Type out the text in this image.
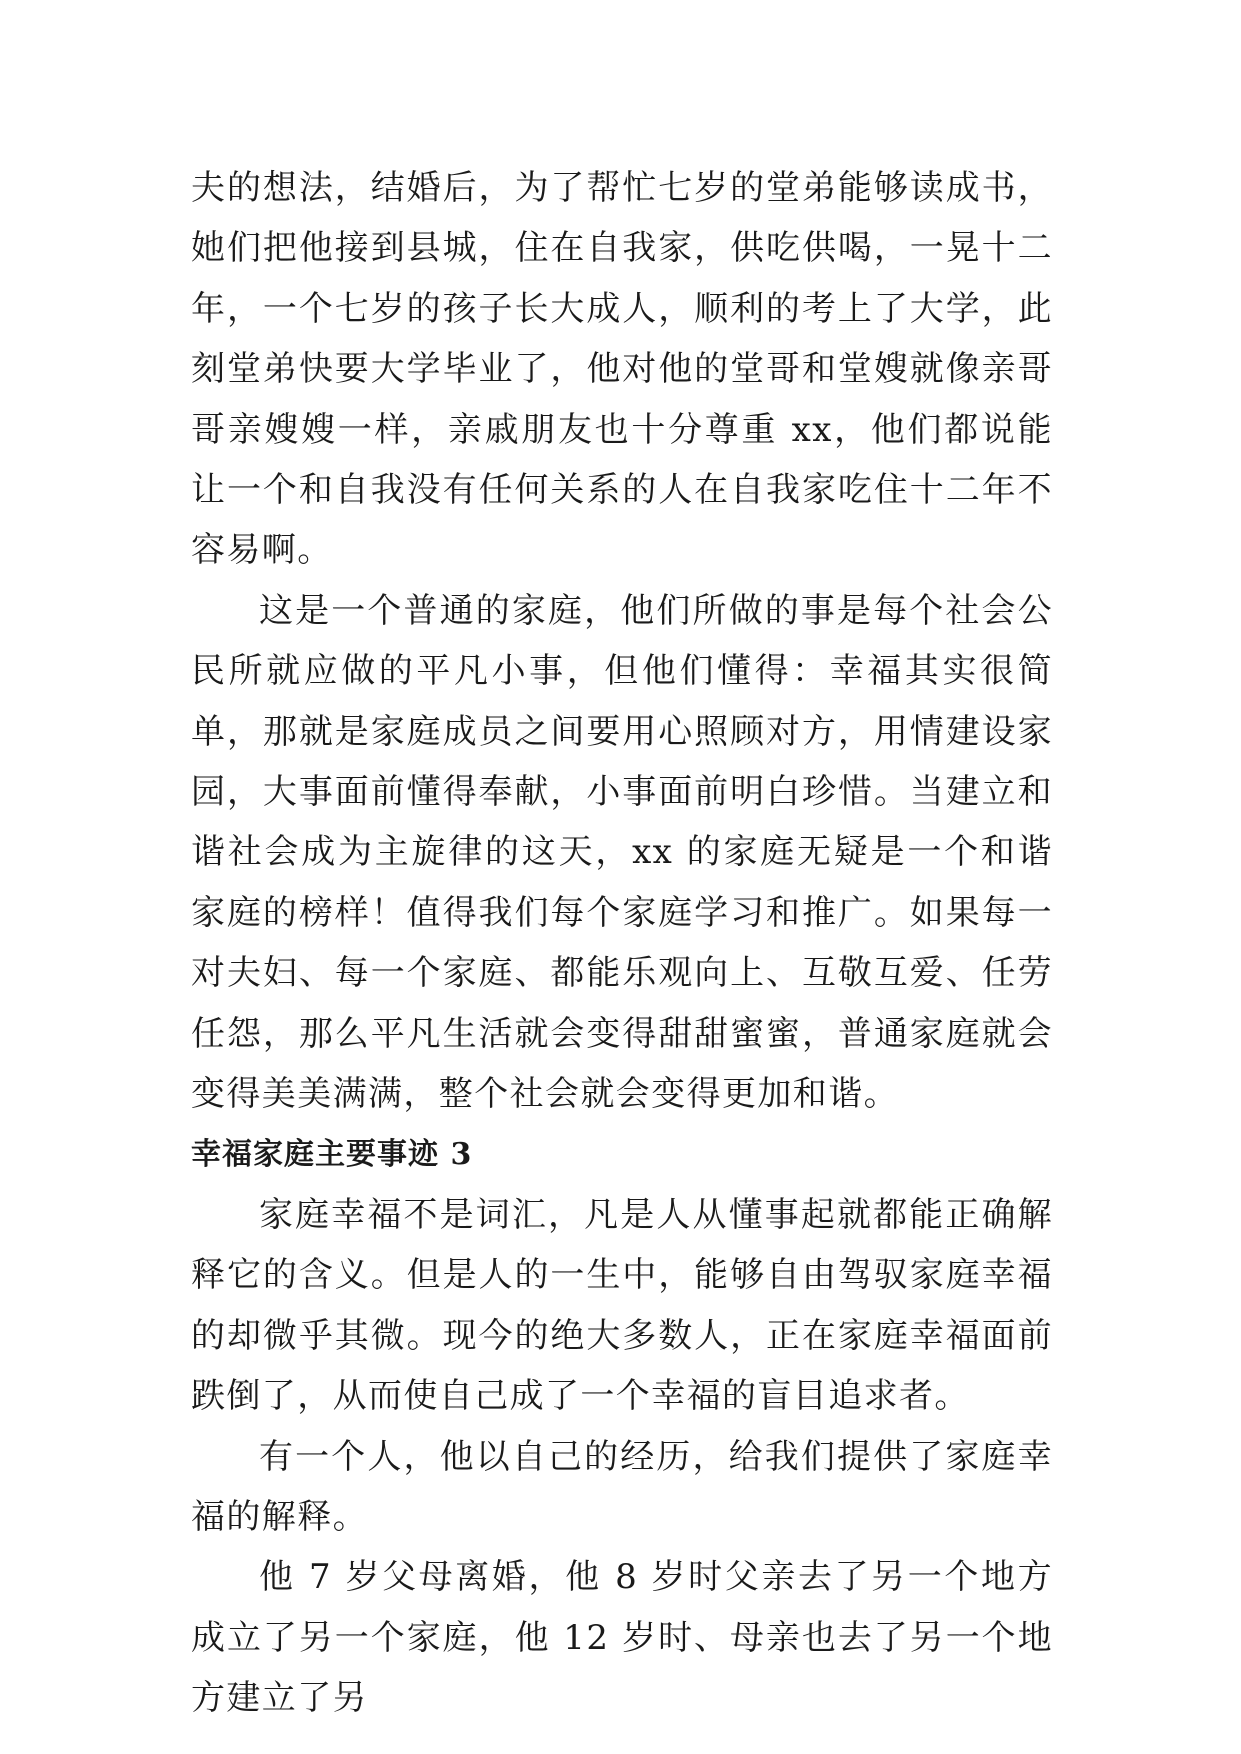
夫的想法，结婚后，为了帮忙七岁的堂弟能够读成书，她们把他接到县城，住在自我家，供吃供喝，一晃十二年，一个七岁的孩子长大成人，顺利的考上了大学，此刻堂弟快要大学毕业了，他对他的堂哥和堂嫂就像亲哥哥亲嫂嫂一样，亲戚朋友也十分尊重 xx，他们都说能让一个和自我没有任何关系的人在自我家吃住十二年不容易啊。

这是一个普通的家庭，他们所做的事是每个社会公民所就应做的平凡小事，但他们懂得：幸福其实很简单，那就是家庭成员之间要用心照顾对方，用情建设家园，大事面前懂得奉献，小事面前明白珍惜。当建立和谐社会成为主旋律的这天，xx 的家庭无疑是一个和谐家庭的榜样！值得我们每个家庭学习和推广。如果每一对夫妇、每一个家庭、都能乐观向上、互敬互爱、任劳任怨，那么平凡生活就会变得甜甜蜜蜜，普通家庭就会变得美美满满，整个社会就会变得更加和谐。

幸福家庭主要事迹 3

家庭幸福不是词汇，凡是人从懂事起就都能正确解释它的含义。但是人的一生中，能够自由驾驭家庭幸福的却微乎其微。现今的绝大多数人，正在家庭幸福面前跌倒了，从而使自己成了一个幸福的盲目追求者。

有一个人，他以自己的经历，给我们提供了家庭幸福的解释。

他 7 岁父母离婚，他 8 岁时父亲去了另一个地方成立了另一个家庭，他 12 岁时、母亲也去了另一个地方建立了另
